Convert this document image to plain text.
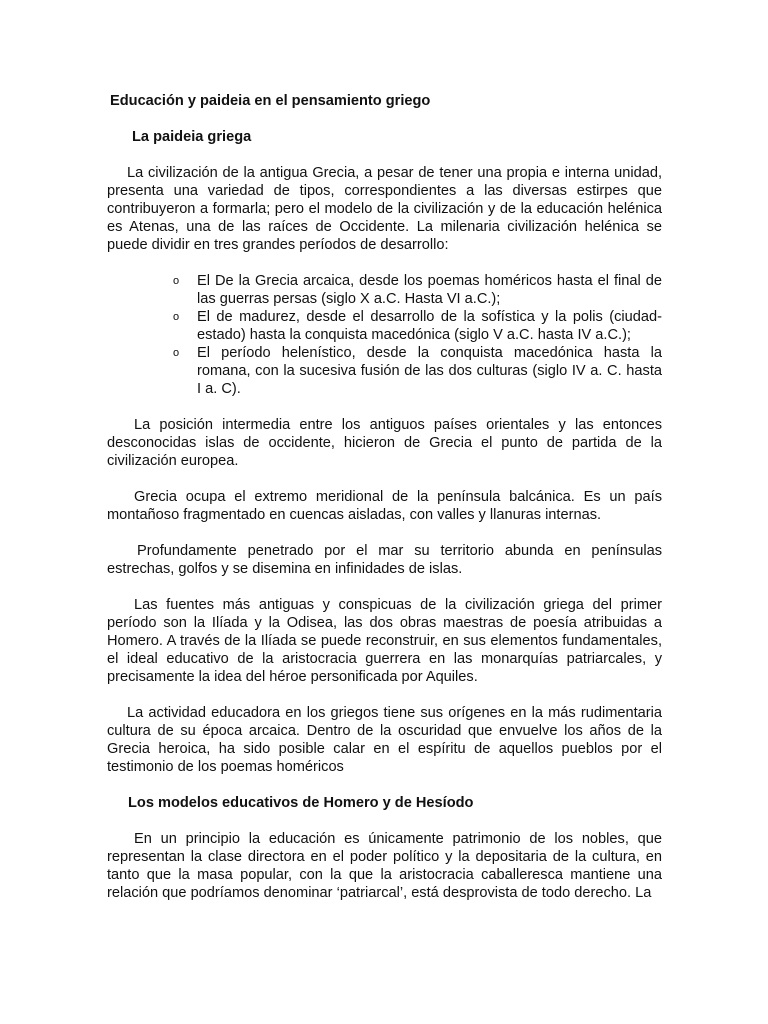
Educación y paideia en el pensamiento griego
La paideia griega

La civilización de la antigua Grecia, a pesar de tener una propia e interna unidad, presenta una variedad de tipos, correspondientes a las diversas estirpes que contribuyeron a formarla; pero el modelo de la civilización y de la educación helénica es Atenas, una de las raíces de Occidente. La milenaria civilización helénica se puede dividir en tres grandes períodos de desarrollo:

o El De la Grecia arcaica, desde los poemas homéricos hasta el final de las guerras persas (siglo X a.C. Hasta VI a.C.);
o El de madurez, desde el desarrollo de la sofística y la polis (ciudad-estado) hasta la conquista macedónica (siglo V a.C. hasta IV a.C.);
o El período helenístico, desde la conquista macedónica hasta la romana, con la sucesiva fusión de las dos culturas (siglo IV a. C. hasta I a. C).

La posición intermedia entre los antiguos países orientales y las entonces desconocidas islas de occidente, hicieron de Grecia el punto de partida de la civilización europea.

Grecia ocupa el extremo meridional de la península balcánica. Es un país montañoso fragmentado en cuencas aisladas, con valles y llanuras internas.

Profundamente penetrado por el mar su territorio abunda en penínsulas estrechas, golfos y se disemina en infinidades de islas.

Las fuentes más antiguas y conspicuas de la civilización griega del primer período son la Ilíada y la Odisea, las dos obras maestras de poesía atribuidas a Homero. A través de la Ilíada se puede reconstruir, en sus elementos fundamentales, el ideal educativo de la aristocracia guerrera en las monarquías patriarcales, y precisamente la idea del héroe personificada por Aquiles.

La actividad educadora en los griegos tiene sus orígenes en la más rudimentaria cultura de su época arcaica. Dentro de la oscuridad que envuelve los años de la Grecia heroica, ha sido posible calar en el espíritu de aquellos pueblos por el testimonio de los poemas homéricos

Los modelos educativos de Homero y de Hesíodo

En un principio la educación es únicamente patrimonio de los nobles, que representan la clase directora en el poder político y la depositaria de la cultura, en tanto que la masa popular, con la que la aristocracia caballeresca mantiene una relación que podríamos denominar ‘patriarcal’, está desprovista de todo derecho. La
